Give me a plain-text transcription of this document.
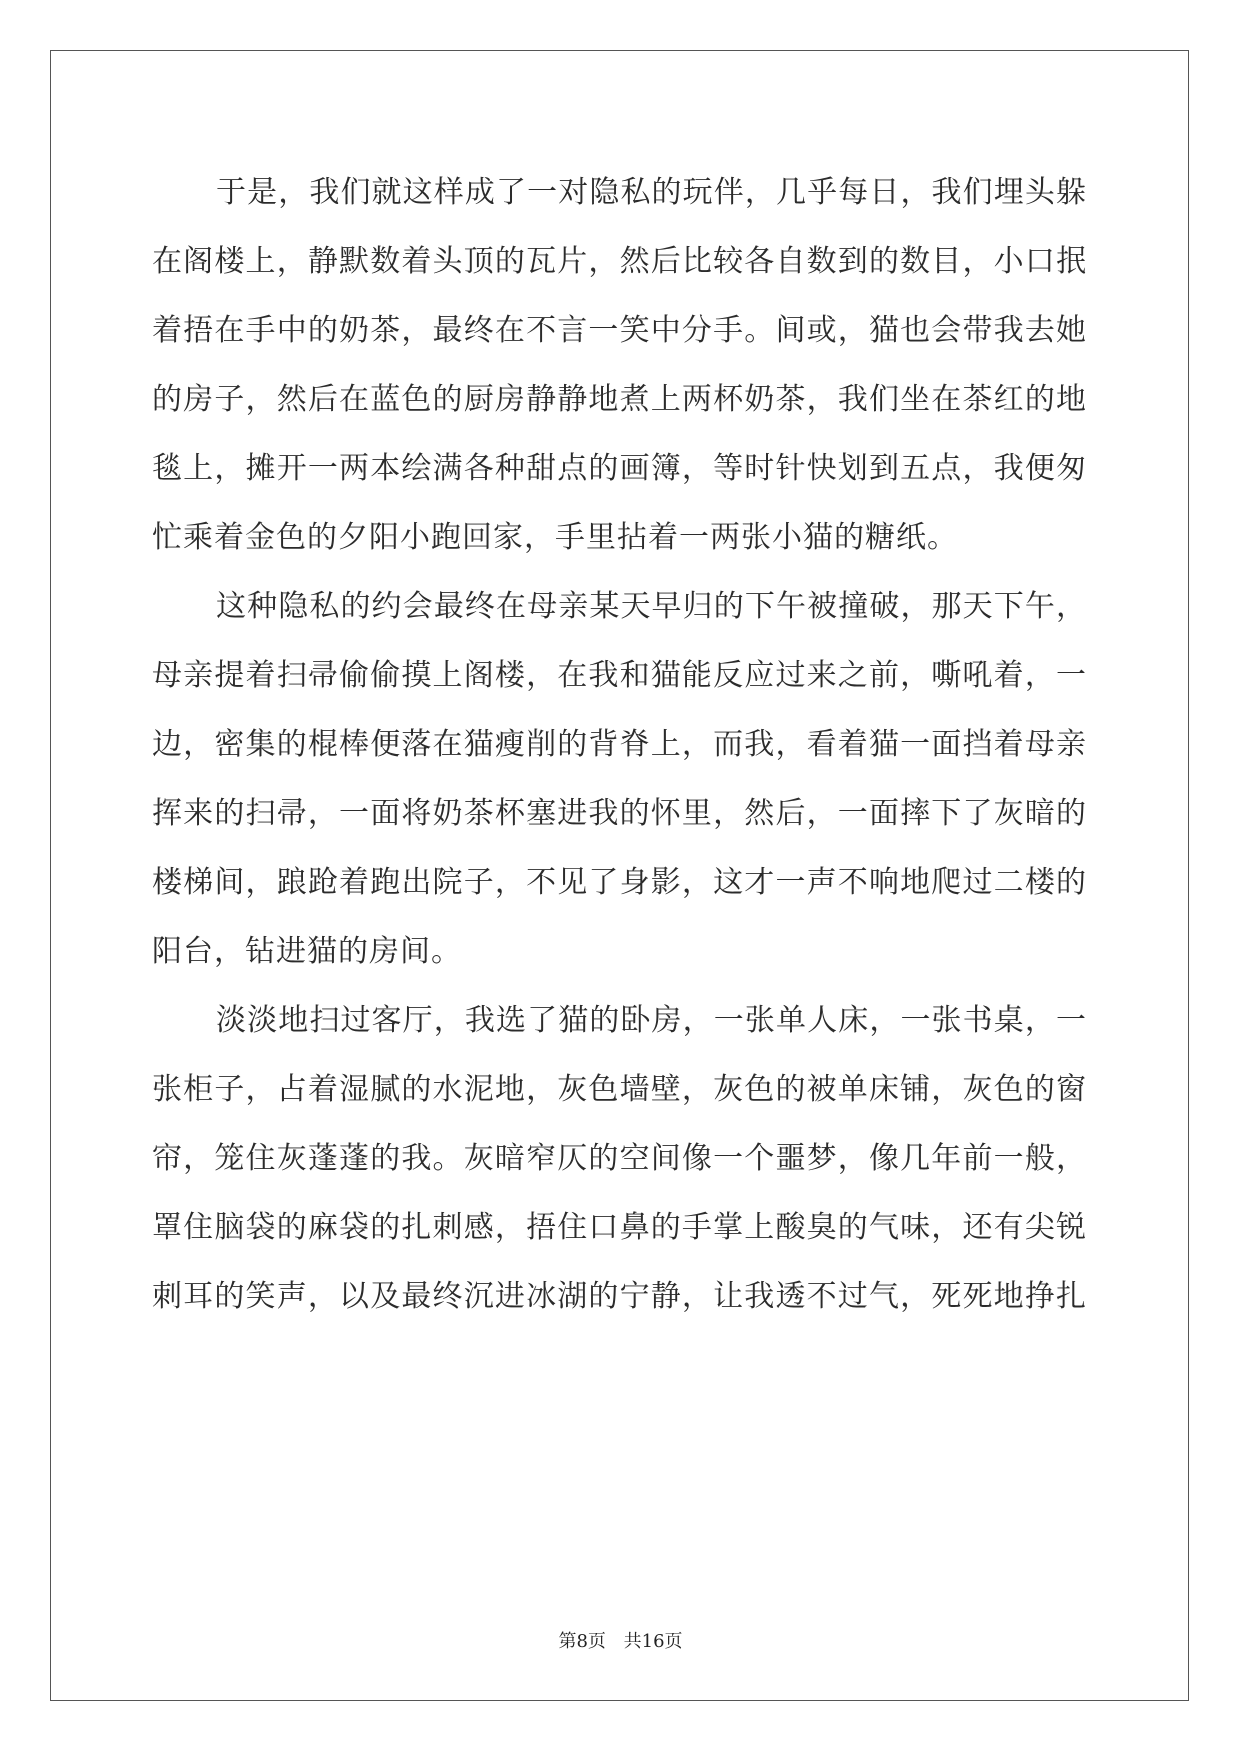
于是，我们就这样成了一对隐私的玩伴，几乎每日，我们埋头躲
在阁楼上，静默数着头顶的瓦片，然后比较各自数到的数目，小口抿
着捂在手中的奶茶，最终在不言一笑中分手。间或，猫也会带我去她
的房子，然后在蓝色的厨房静静地煮上两杯奶茶，我们坐在茶红的地
毯上，摊开一两本绘满各种甜点的画簿，等时针快划到五点，我便匆
忙乘着金色的夕阳小跑回家，手里拈着一两张小猫的糖纸。
这种隐私的约会最终在母亲某天早归的下午被撞破，那天下午，
母亲提着扫帚偷偷摸上阁楼，在我和猫能反应过来之前，嘶吼着，一
边，密集的棍棒便落在猫瘦削的背脊上，而我，看着猫一面挡着母亲
挥来的扫帚，一面将奶茶杯塞进我的怀里，然后，一面摔下了灰暗的
楼梯间，踉跄着跑出院子，不见了身影，这才一声不响地爬过二楼的
阳台，钻进猫的房间。
淡淡地扫过客厅，我选了猫的卧房，一张单人床，一张书桌，一
张柜子，占着湿腻的水泥地，灰色墙壁，灰色的被单床铺，灰色的窗
帘，笼住灰蓬蓬的我。灰暗窄仄的空间像一个噩梦，像几年前一般，
罩住脑袋的麻袋的扎刺感，捂住口鼻的手掌上酸臭的气味，还有尖锐
刺耳的笑声，以及最终沉进冰湖的宁静，让我透不过气，死死地挣扎
第8页 共16页
